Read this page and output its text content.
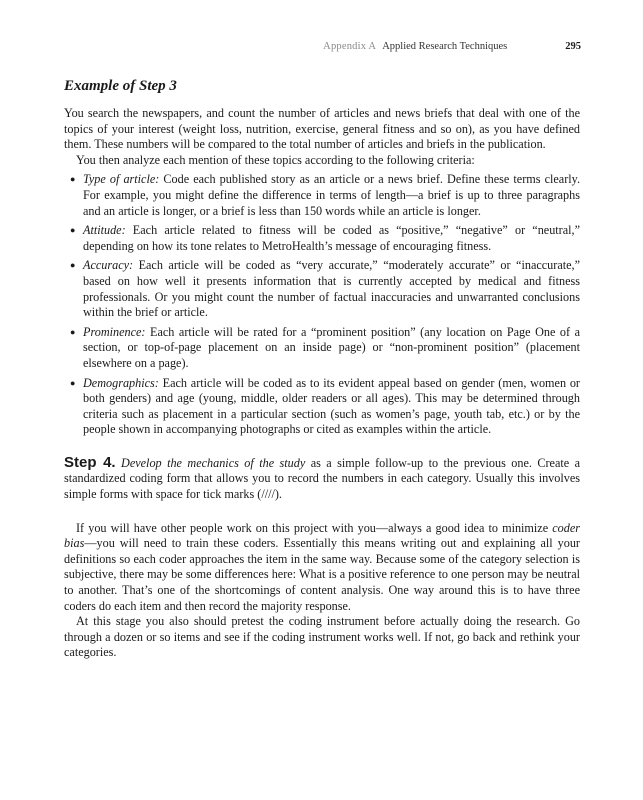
Appendix A Applied Research Techniques	295
Example of Step 3

You search the newspapers, and count the number of articles and news briefs that deal with one of the topics of your interest (weight loss, nutrition, exercise, general fitness and so on), as you have defined them. These numbers will be compared to the total number of articles and briefs in the publication.

You then analyze each mention of these topics according to the following criteria:

● Type of article: Code each published story as an article or a news brief. Define these terms clearly. For example, you might define the difference in terms of length—a brief is up to three paragraphs and an article is longer, or a brief is less than 150 words while an article is longer.
● Attitude: Each article related to fitness will be coded as “positive,” “negative” or “neutral,” depending on how its tone relates to MetroHealth’s message of encouraging fitness.
● Accuracy: Each article will be coded as “very accurate,” “moderately accurate” or “inaccurate,” based on how well it presents information that is currently accepted by medical and fitness professionals. Or you might count the number of factual inaccuracies and unwarranted conclusions within the brief or article.
● Prominence: Each article will be rated for a “prominent position” (any location on Page One of a section, or top-of-page placement on an inside page) or “non-prominent position” (placement elsewhere on a page).
● Demographics: Each article will be coded as to its evident appeal based on gender (men, women or both genders) and age (young, middle, older readers or all ages). This may be determined through criteria such as placement in a particular section (such as women’s page, youth tab, etc.) or by the people shown in accompanying photographs or cited as examples within the article.

Step 4. Develop the mechanics of the study as a simple follow-up to the previous one. Create a standardized coding form that allows you to record the numbers in each category. Usually this involves simple forms with space for tick marks (////).

If you will have other people work on this project with you—always a good idea to minimize coder bias—you will need to train these coders. Essentially this means writing out and explaining all your definitions so each coder approaches the item in the same way. Because some of the category selection is subjective, there may be some differences here: What is a positive reference to one person may be neutral to another. That’s one of the shortcomings of content analysis. One way around this is to have three coders do each item and then record the majority response.

At this stage you also should pretest the coding instrument before actually doing the research. Go through a dozen or so items and see if the coding instrument works well. If not, go back and rethink your categories.
